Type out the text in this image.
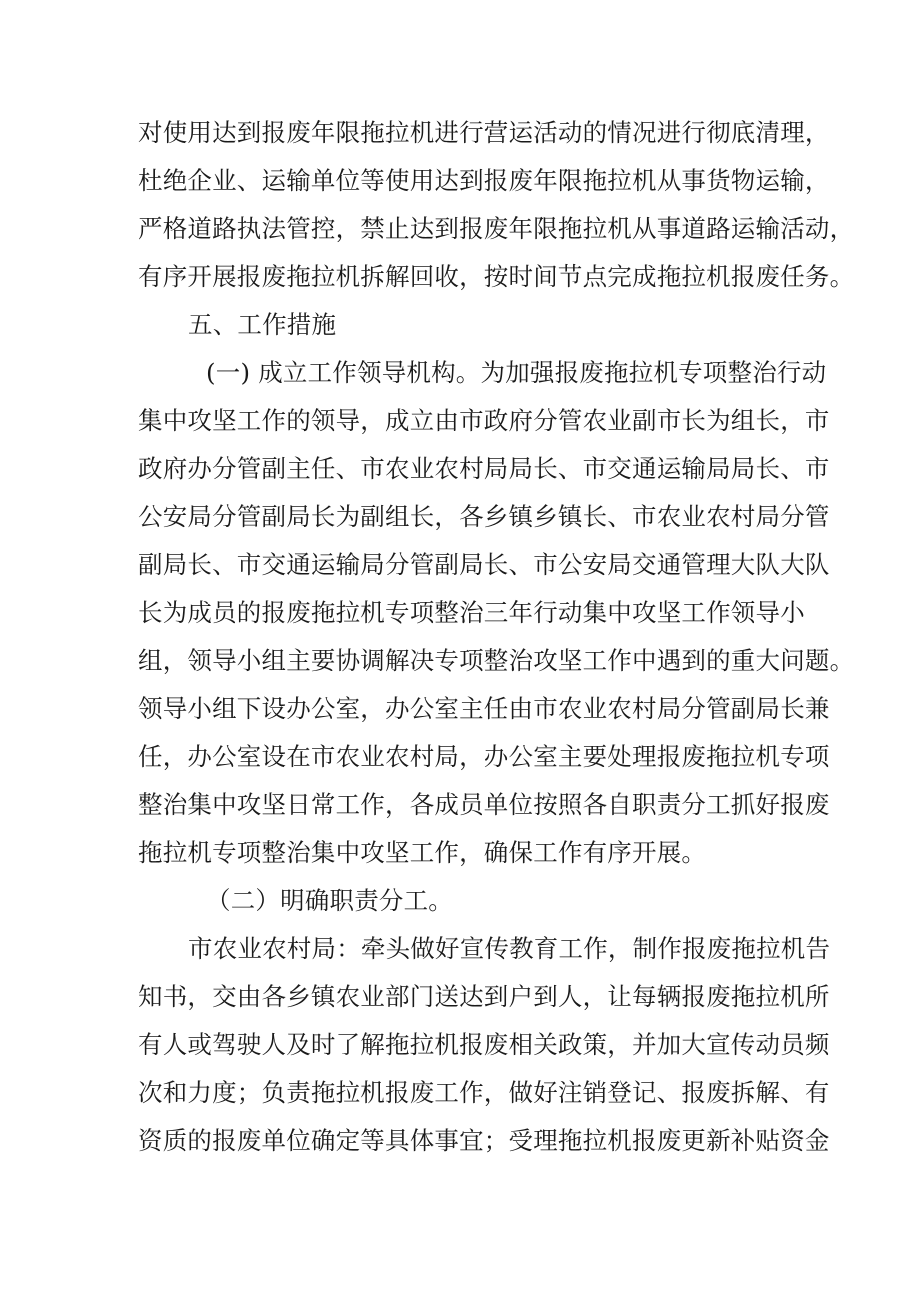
对使用达到报废年限拖拉机进行营运活动的情况进行彻底清理，
杜绝企业、运输单位等使用达到报废年限拖拉机从事货物运输，
严格道路执法管控，禁止达到报废年限拖拉机从事道路运输活动，
有序开展报废拖拉机拆解回收，按时间节点完成拖拉机报废任务。
五、工作措施
(一) 成立工作领导机构。为加强报废拖拉机专项整治行动
集中攻坚工作的领导，成立由市政府分管农业副市长为组长，市
政府办分管副主任、市农业农村局局长、市交通运输局局长、市
公安局分管副局长为副组长，各乡镇乡镇长、市农业农村局分管
副局长、市交通运输局分管副局长、市公安局交通管理大队大队
长为成员的报废拖拉机专项整治三年行动集中攻坚工作领导小
组，领导小组主要协调解决专项整治攻坚工作中遇到的重大问题。
领导小组下设办公室，办公室主任由市农业农村局分管副局长兼
任，办公室设在市农业农村局，办公室主要处理报废拖拉机专项
整治集中攻坚日常工作，各成员单位按照各自职责分工抓好报废
拖拉机专项整治集中攻坚工作，确保工作有序开展。
（二）明确职责分工。
市农业农村局：牵头做好宣传教育工作，制作报废拖拉机告
知书，交由各乡镇农业部门送达到户到人，让每辆报废拖拉机所
有人或驾驶人及时了解拖拉机报废相关政策，并加大宣传动员频
次和力度；负责拖拉机报废工作，做好注销登记、报废拆解、有
资质的报废单位确定等具体事宜；受理拖拉机报废更新补贴资金
